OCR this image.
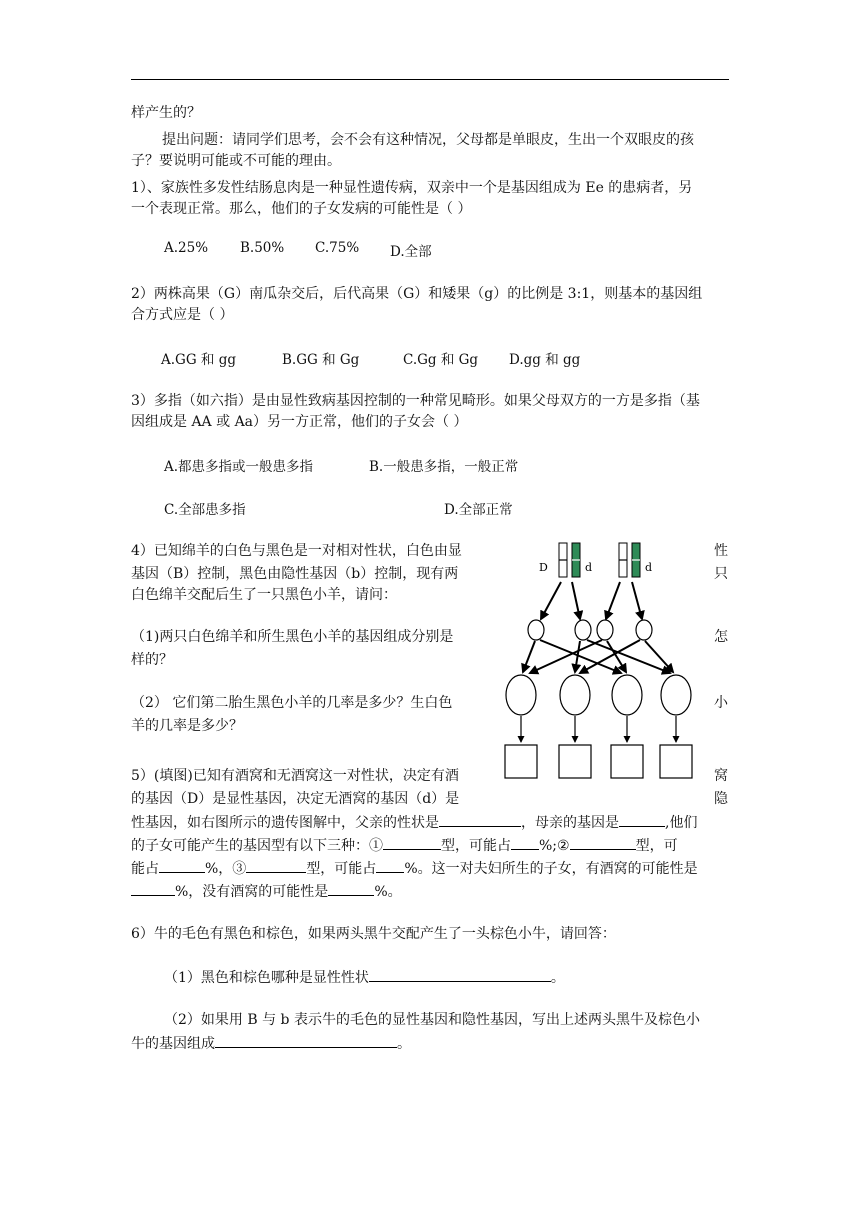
样产生的？
提出问题：请同学们思考，会不会有这种情况，父母都是单眼皮，生出一个双眼皮的孩
子？要说明可能或不可能的理由。
1）、家族性多发性结肠息肉是一种显性遗传病，双亲中一个是基因组成为 Ee 的患病者，另
一个表现正常。那么，他们的子女发病的可能性是（ ）
A.25% B.50% C.75% D.全部
2）两株高果（G）南瓜杂交后，后代高果（G）和矮果（g）的比例是 3:1，则基本的基因组
合方式应是（ ）
A.GG 和 gg	B.GG 和 Gg	C.Gg 和 Gg D.gg 和 gg
3）多指（如六指）是由显性致病基因控制的一种常见畸形。如果父母双方的一方是多指（基
因组成是 AA 或 Aa）另一方正常，他们的子女会（ ）
A.都患多指或一般患多指	B.一般患多指，一般正常
C.全部患多指	D.全部正常
4）已知绵羊的白色与黑色是一对相对性状，白色由显
基因（B）控制，黑色由隐性基因（b）控制，现有两
白色绵羊交配后生了一只黑色小羊，请问：
（1)两只白色绵羊和所生黑色小羊的基因组成分别是
样的？
（2） 它们第二胎生黑色小羊的几率是多少？生白色
羊的几率是多少？
性
只
怎
小
5）(填图)已知有酒窝和无酒窝这一对性状，决定有酒
的基因（D）是显性基因，决定无酒窝的基因（d）是
窝
隐
性基因，如右图所示的遗传图解中，父亲的性状是	，母亲的基因是	,他们
的子女可能产生的基因型有以下三种：①	型，可能占 %;②	型，可
能占	%，③	型，可能占 %。这一对夫妇所生的子女，有酒窝的可能性是
%，没有酒窝的可能性是	%。
6）牛的毛色有黑色和棕色，如果两头黑牛交配产生了一头棕色小牛，请回答：
（1）黑色和棕色哪种是显性性状	。
（2）如果用 B 与 b 表示牛的毛色的显性基因和隐性基因，写出上述两头黑牛及棕色小
牛的基因组成	。
D	d	d
